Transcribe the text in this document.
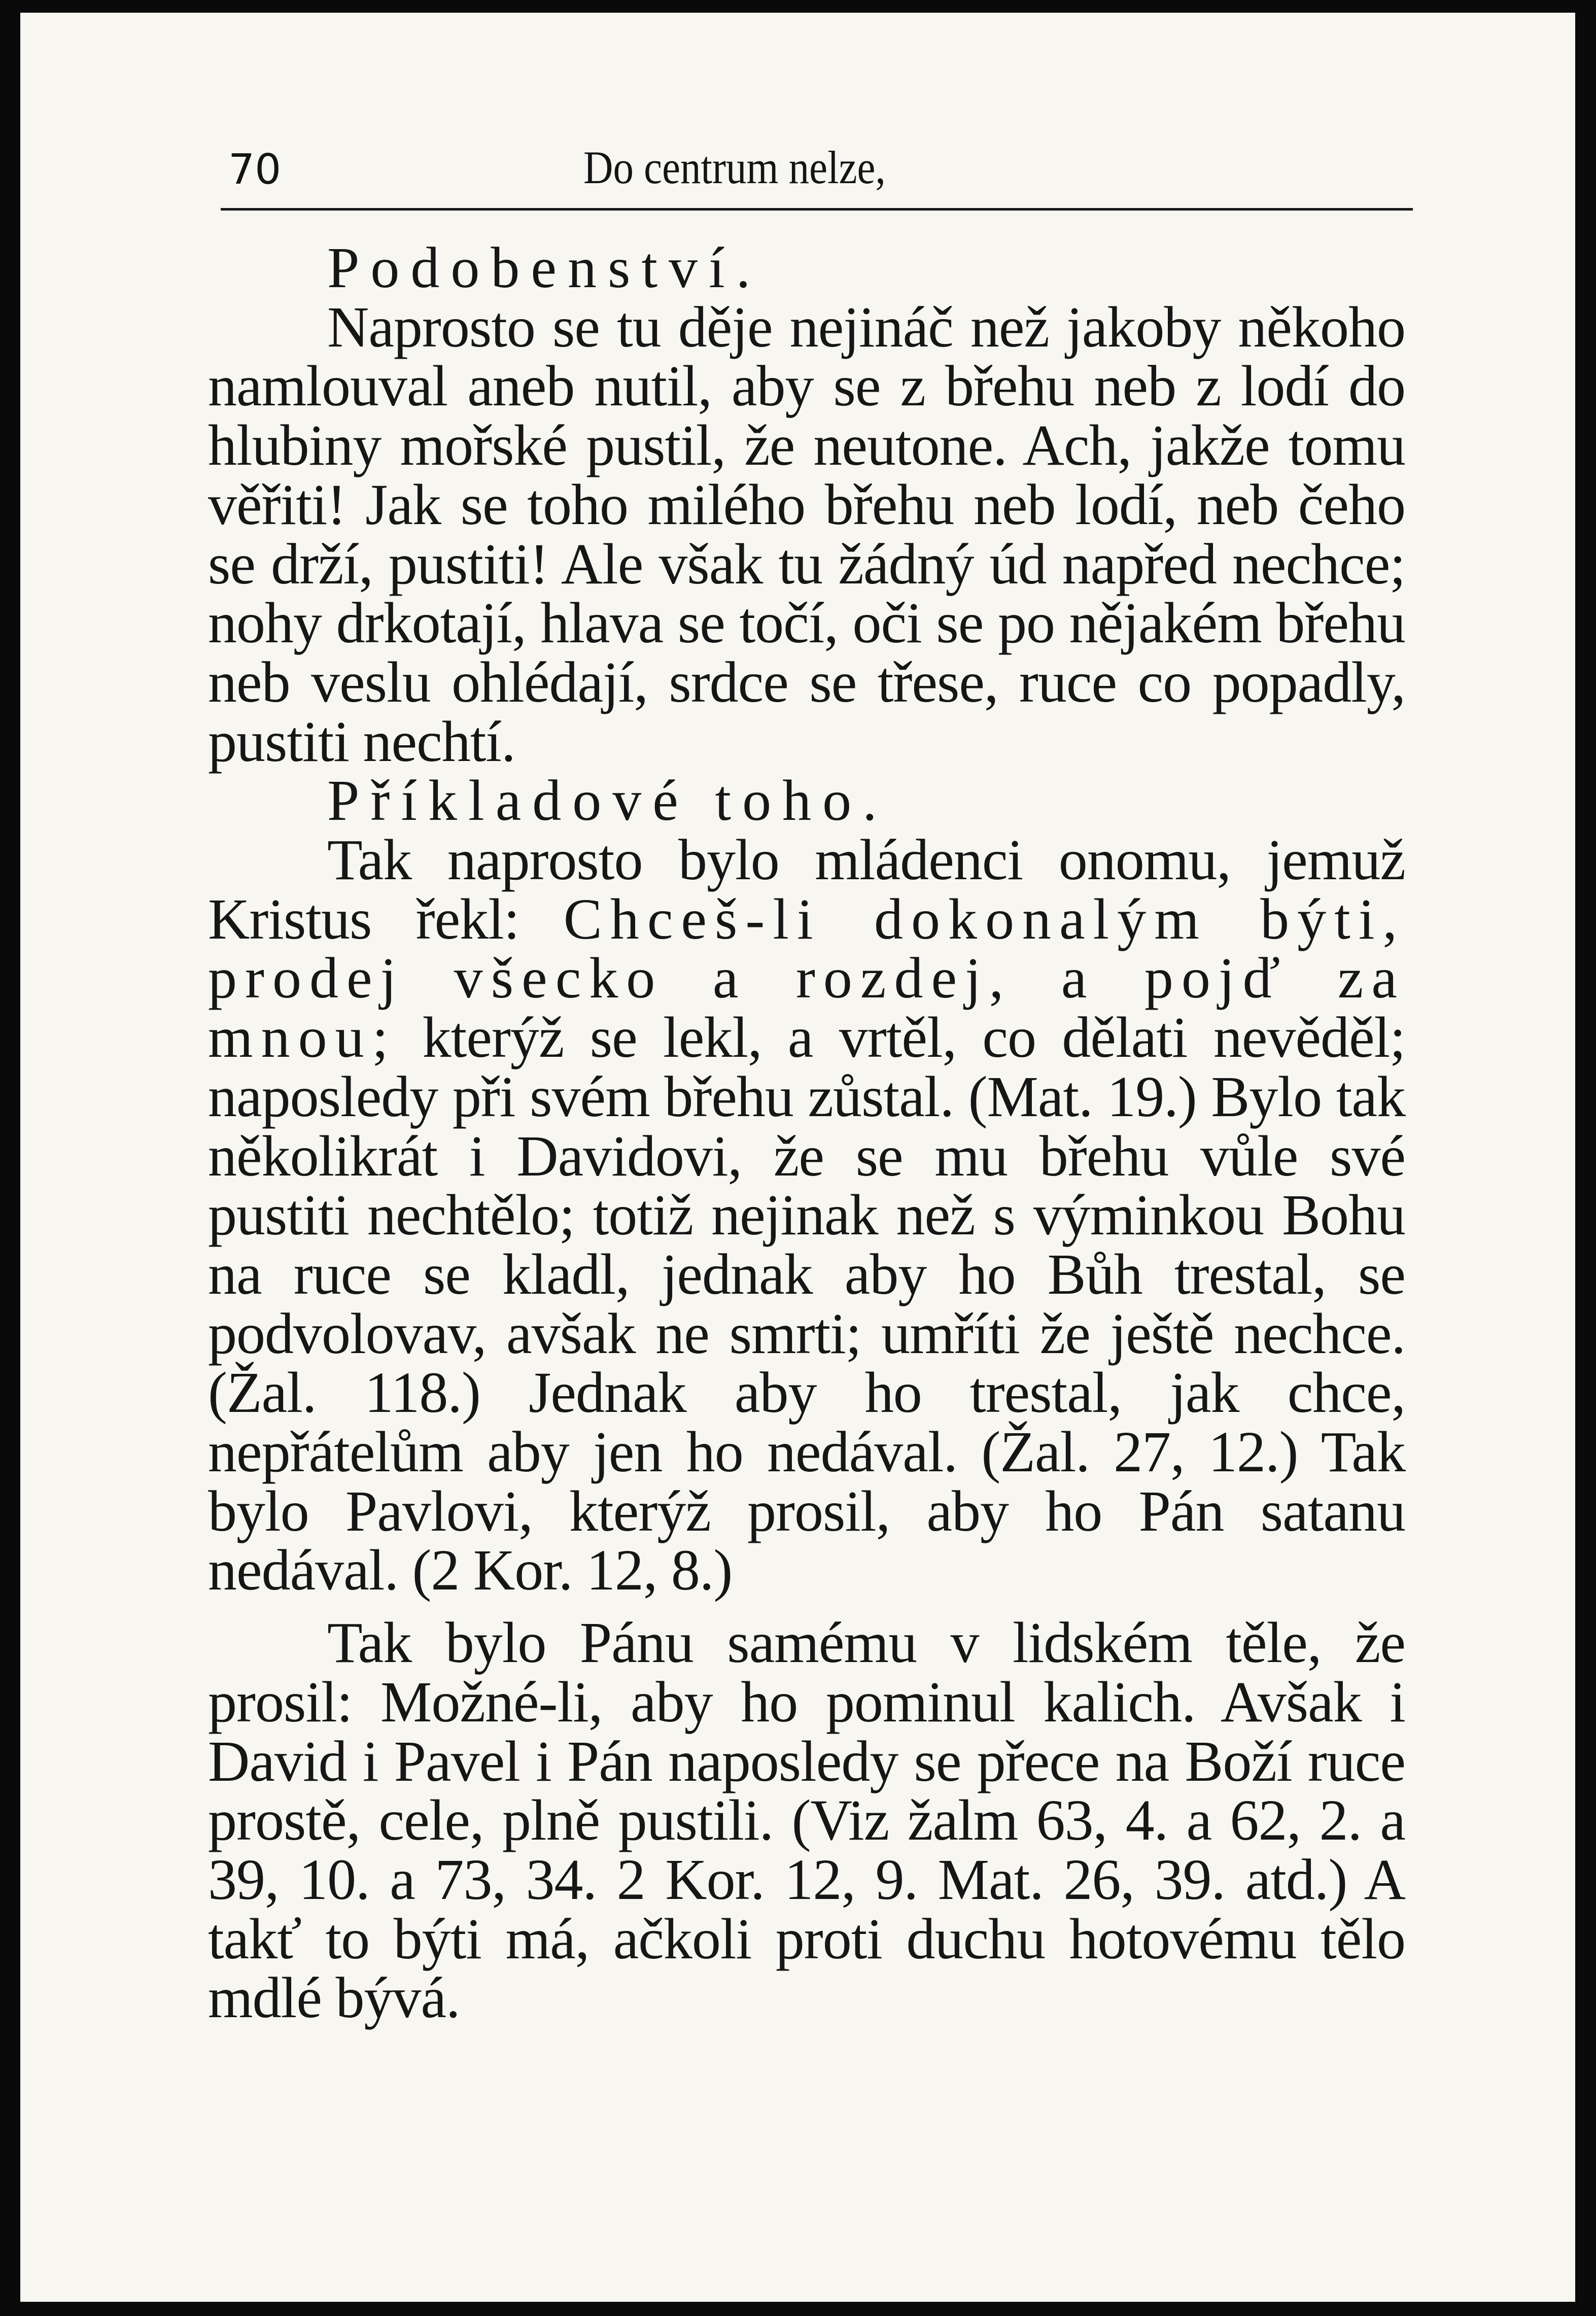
70	Do centrum nelze,
Podobenství.

Naprosto se tu děje nejináč než jakoby někoho namlouval aneb nutil, aby se z břehu neb z lodí do hlubiny mořské pustil, že neutone. Ach, jakže tomu věřiti! Jak se toho milého břehu neb lodí, neb čeho se drží, pustiti! Ale však tu žádný úd napřed nechce; nohy drkotají, hlava se točí, oči se po nějakém břehu neb veslu ohlédají, srdce se třese, ruce co popadly, pustiti nechtí.

Příkladové toho.

Tak naprosto bylo mládenci onomu, jemuž Kristus řekl: Chceš-li dokonalým býti, prodej všecko a rozdej, a pojď za mnou; kterýž se lekl, a vrtěl, co dělati nevěděl; naposledy při svém břehu zůstal. (Mat. 19.) Bylo tak několikrát i Davidovi, že se mu břehu vůle své pustiti nechtělo; totiž nejinak než s výminkou Bohu na ruce se kladl, jednak aby ho Bůh trestal, se podvolovav, avšak ne smrti; umříti že ještě nechce. (Žal. 118.) Jednak aby ho trestal, jak chce, nepřátelům aby jen ho nedával. (Žal. 27, 12.) Tak bylo Pavlovi, kterýž prosil, aby ho Pán satanu nedával. (2 Kor. 12, 8.)

Tak bylo Pánu samému v lidském těle, že prosil: Možné-li, aby ho pominul kalich. Avšak i David i Pavel i Pán naposledy se přece na Boží ruce prostě, cele, plně pustili. (Viz žalm 63, 4. a 62, 2. a 39, 10. a 73, 34. 2 Kor. 12, 9. Mat. 26, 39. atd.) A takť to býti má, ačkoli proti duchu hotovému tělo mdlé bývá.
